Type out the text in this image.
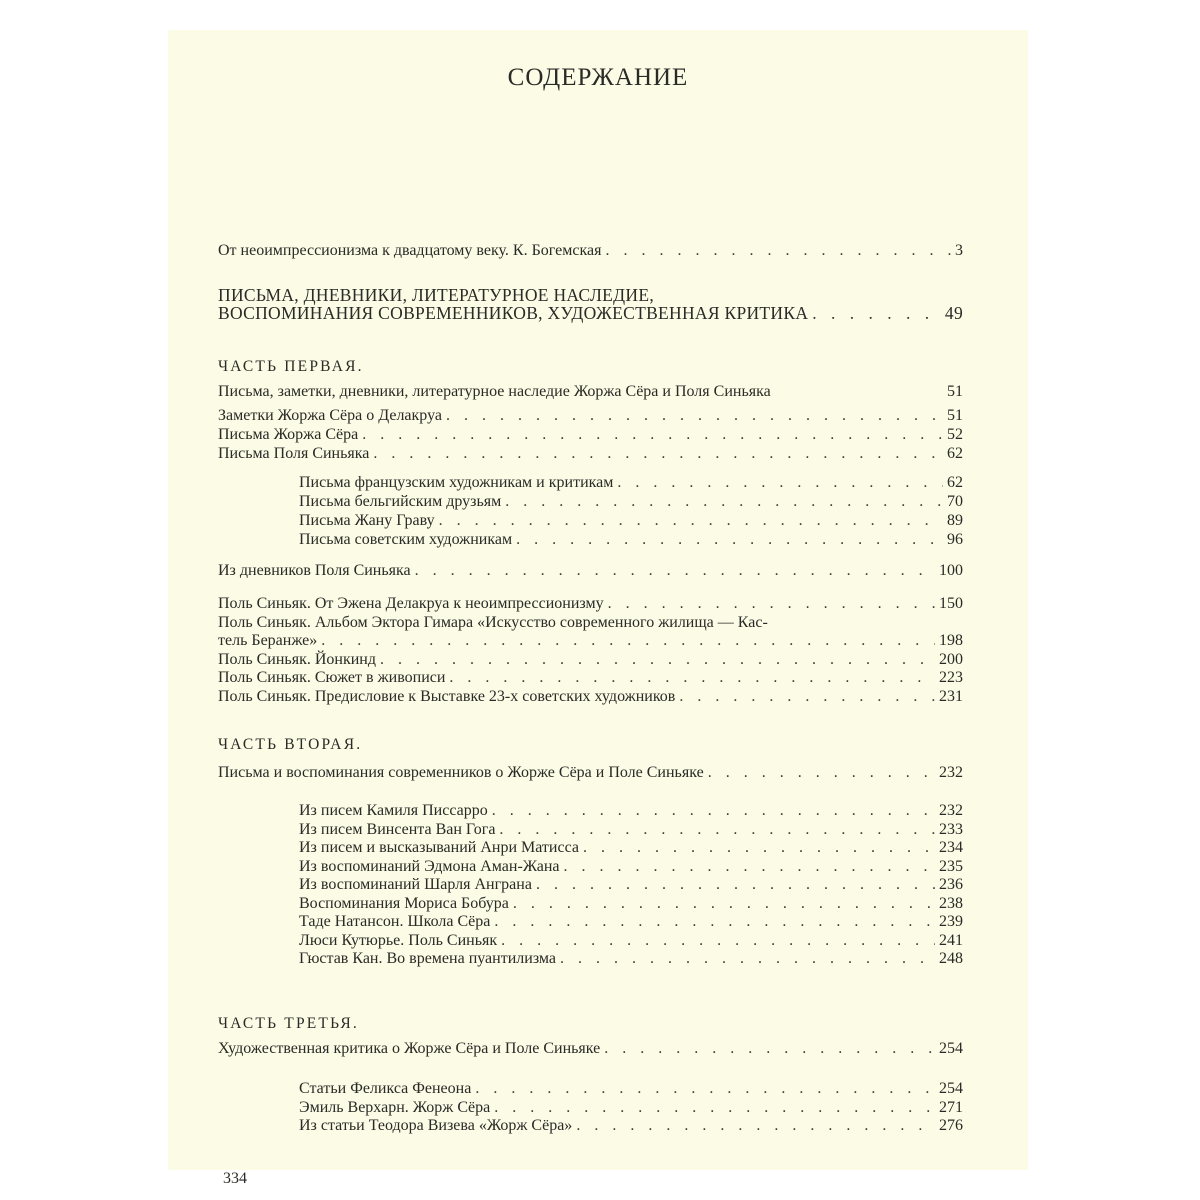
СОДЕРЖАНИЕ
От неоимпрессионизма к двадцатому веку. К. Богемская . . .	3
ПИСЬМА, ДНЕВНИКИ, ЛИТЕРАТУРНОЕ НАСЛЕДИЕ,
ВОСПОМИНАНИЯ СОВРЕМЕННИКОВ, ХУДОЖЕСТВЕННАЯ КРИТИКА . . .	49
ЧАСТЬ ПЕРВАЯ.
Письма, заметки, дневники, литературное наследие Жоржа Сёра и Поля Синьяка	51
Заметки Жоржа Сёра о Делакруа . . .	51
Письма Жоржа Сёра . . .	52
Письма Поля Синьяка . . .	62
Письма французским художникам и критикам . . .	62
Письма бельгийским друзьям . . .	70
Письма Жану Граву . . .	89
Письма советским художникам . . .	96
Из дневников Поля Синьяка . . .	100
Поль Синьяк. От Эжена Делакруа к неоимпрессионизму . . .	150
Поль Синьяк. Альбом Эктора Гимара «Искусство современного жилища — Кас-
тель Беранже» . . .	198
Поль Синьяк. Йонкинд . . .	200
Поль Синьяк. Сюжет в живописи . . .	223
Поль Синьяк. Предисловие к Выставке 23-х советских художников . . .	231
ЧАСТЬ ВТОРАЯ.
Письма и воспоминания современников о Жорже Сёра и Поле Синьяке . . .	232
Из писем Камиля Писсарро . . .	232
Из писем Винсента Ван Гога . . .	233
Из писем и высказываний Анри Матисса . . .	234
Из воспоминаний Эдмона Аман-Жана . . .	235
Из воспоминаний Шарля Анграна . . .	236
Воспоминания Мориса Бобура . . .	238
Таде Натансон. Школа Сёра . . .	239
Люси Кутюрье. Поль Синьяк . . .	241
Гюстав Кан. Во времена пуантилизма . . .	248
ЧАСТЬ ТРЕТЬЯ.
Художественная критика о Жорже Сёра и Поле Синьяке . . .	254
Статьи Феликса Фенеона . . .	254
Эмиль Верхарн. Жорж Сёра . . .	271
Из статьи Теодора Визева «Жорж Сёра» . . .	276
334
